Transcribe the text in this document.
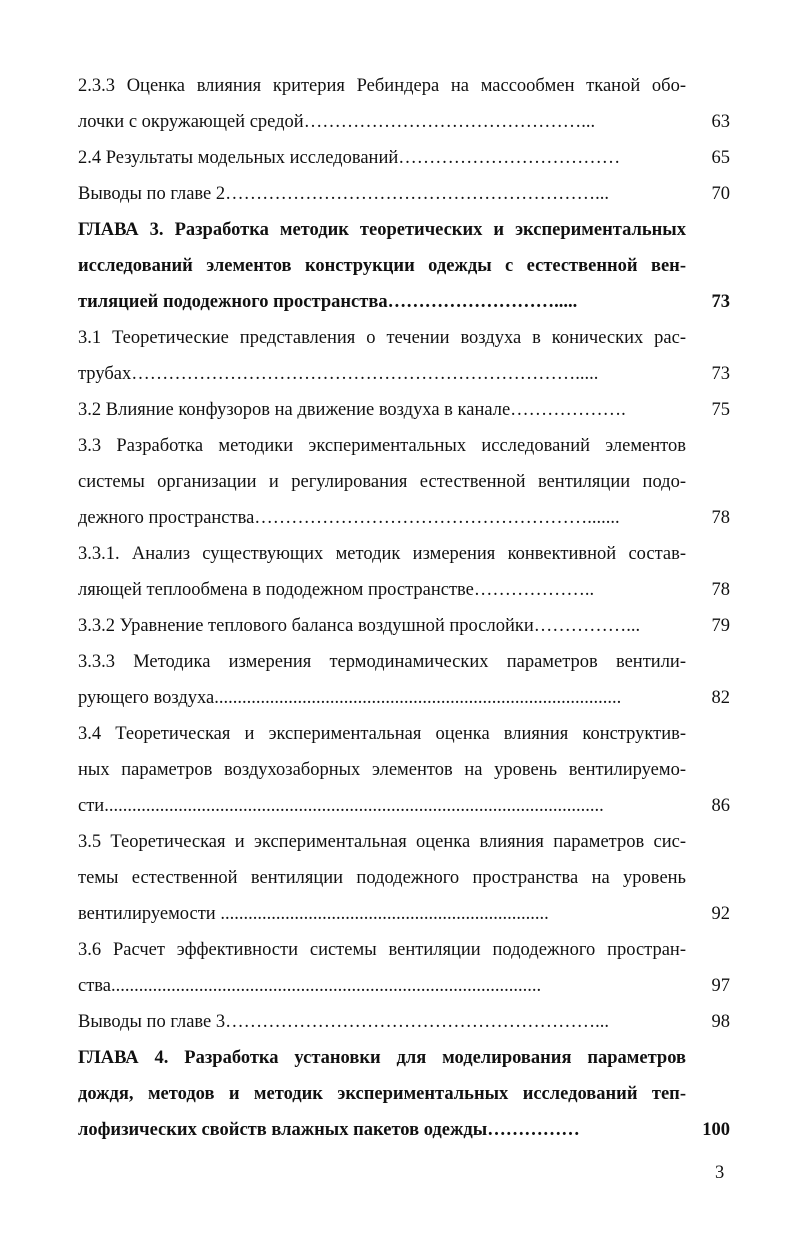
2.3.3 Оценка влияния критерия Ребиндера на массообмен тканой обо-
лочки с окружающей средой………………………………………...	63
2.4 Результаты модельных исследований………………………………	65
Выводы по главе 2……………………………………………………...	70
ГЛАВА 3. Разработка методик теоретических и экспериментальных
исследований элементов конструкции одежды с естественной вен-
тиляцией пододежного пространства……………………….....	73
3.1 Теоретические представления о течении воздуха в конических рас-
трубах……………………………………………………………….....	73
3.2 Влияние конфузоров на движение воздуха в канале……………….	75
3.3 Разработка методики экспериментальных исследований элементов
системы организации и регулирования естественной вентиляции подо-
дежного пространства……………………………………………….......	78
3.3.1. Анализ существующих методик измерения конвективной состав-
ляющей теплообмена в пододежном пространстве………………..	78
3.3.2 Уравнение теплового баланса воздушной прослойки……………...	79
3.3.3 Методика измерения термодинамических параметров вентили-
рующего воздуха........................................................................................	82
3.4 Теоретическая и экспериментальная оценка влияния конструктив-
ных параметров воздухозаборных элементов на уровень вентилируемо-
сти............................................................................................................	86
3.5 Теоретическая и экспериментальная оценка влияния параметров сис-
темы естественной вентиляции пододежного пространства на уровень
вентилируемости .......................................................................	92
3.6 Расчет эффективности системы вентиляции пододежного простран-
ства.............................................................................................	97
Выводы по главе 3……………………………………………………...	98
ГЛАВА 4. Разработка установки для моделирования параметров
дождя, методов и методик экспериментальных исследований теп-
лофизических свойств влажных пакетов одежды……………	100
3
